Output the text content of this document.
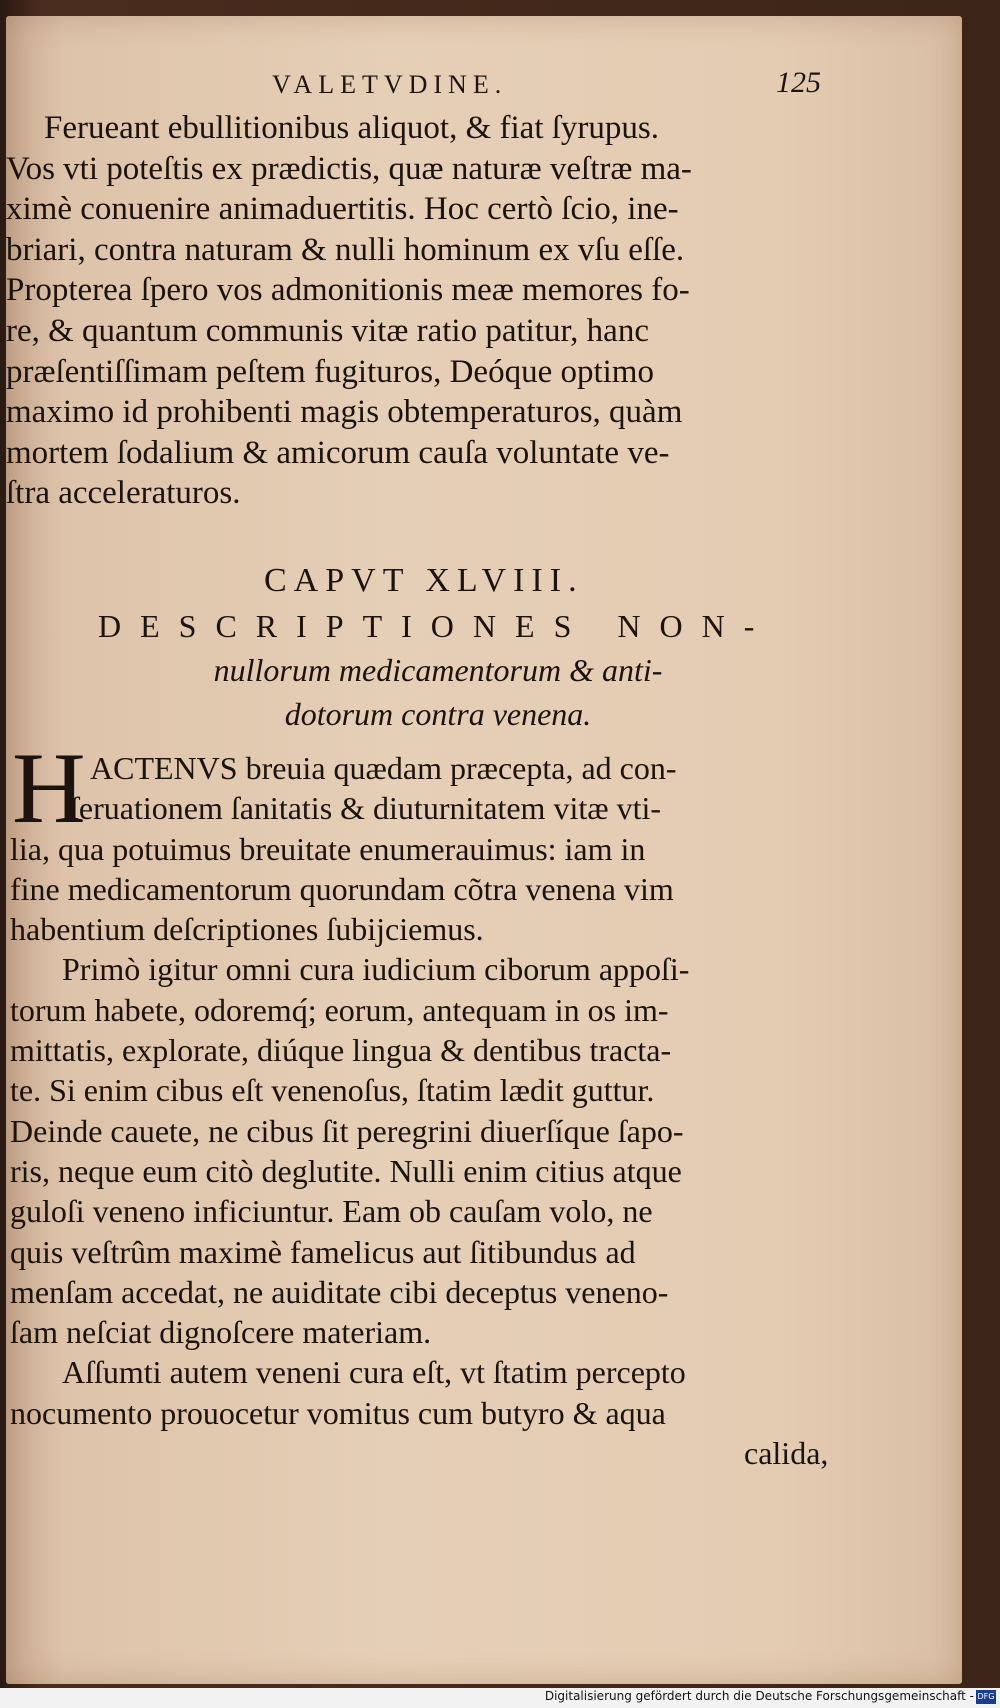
VALETVDINE.	125
Ferueant ebullitionibus aliquot, & fiat ſyrupus.
Vos vti poteſtis ex prædictis, quæ naturæ veſtræ ma-
ximè conuenire animaduertitis. Hoc certò ſcio, ine-
briari, contra naturam & nulli hominum ex vſu eſſe.
Propterea ſpero vos admonitionis meæ memores fo-
re, & quantum communis vitæ ratio patitur, hanc
præſentiſſimam peſtem fugituros, Deóque optimo
maximo id prohibenti magis obtemperaturos, quàm
mortem ſodalium & amicorum cauſa voluntate ve-
ſtra acceleraturos.
CAPVT XLVIII.
DESCRIPTIONES NON-
nullorum medicamentorum & anti-
dotorum contra venena.
H ACTENVS breuia quædam præcepta, ad con-
ſeruationem ſanitatis & diuturnitatem vitæ vti-
lia, qua potuimus breuitate enumerauimus: iam in
fine medicamentorum quorundam cõtra venena vim
habentium deſcriptiones ſubijciemus.
Primò igitur omni cura iudicium ciborum appoſi-
torum habete, odoremq́; eorum, antequam in os im-
mittatis, explorate, diúque lingua & dentibus tracta-
te. Si enim cibus eſt venenoſus, ſtatim lædit guttur.
Deinde cauete, ne cibus ſit peregrini diuerſíque ſapo-
ris, neque eum citò deglutite. Nulli enim citius atque
guloſi veneno inficiuntur. Eam ob cauſam volo, ne
quis veſtrûm maximè famelicus aut ſitibundus ad
menſam accedat, ne auiditate cibi deceptus veneno-
ſam neſciat dignoſcere materiam.
Aſſumti autem veneni cura eſt, vt ſtatim percepto
nocumento prouocetur vomitus cum butyro & aqua
calida,
Digitalisierung gefördert durch die Deutsche Forschungsgemeinschaft - DFG
